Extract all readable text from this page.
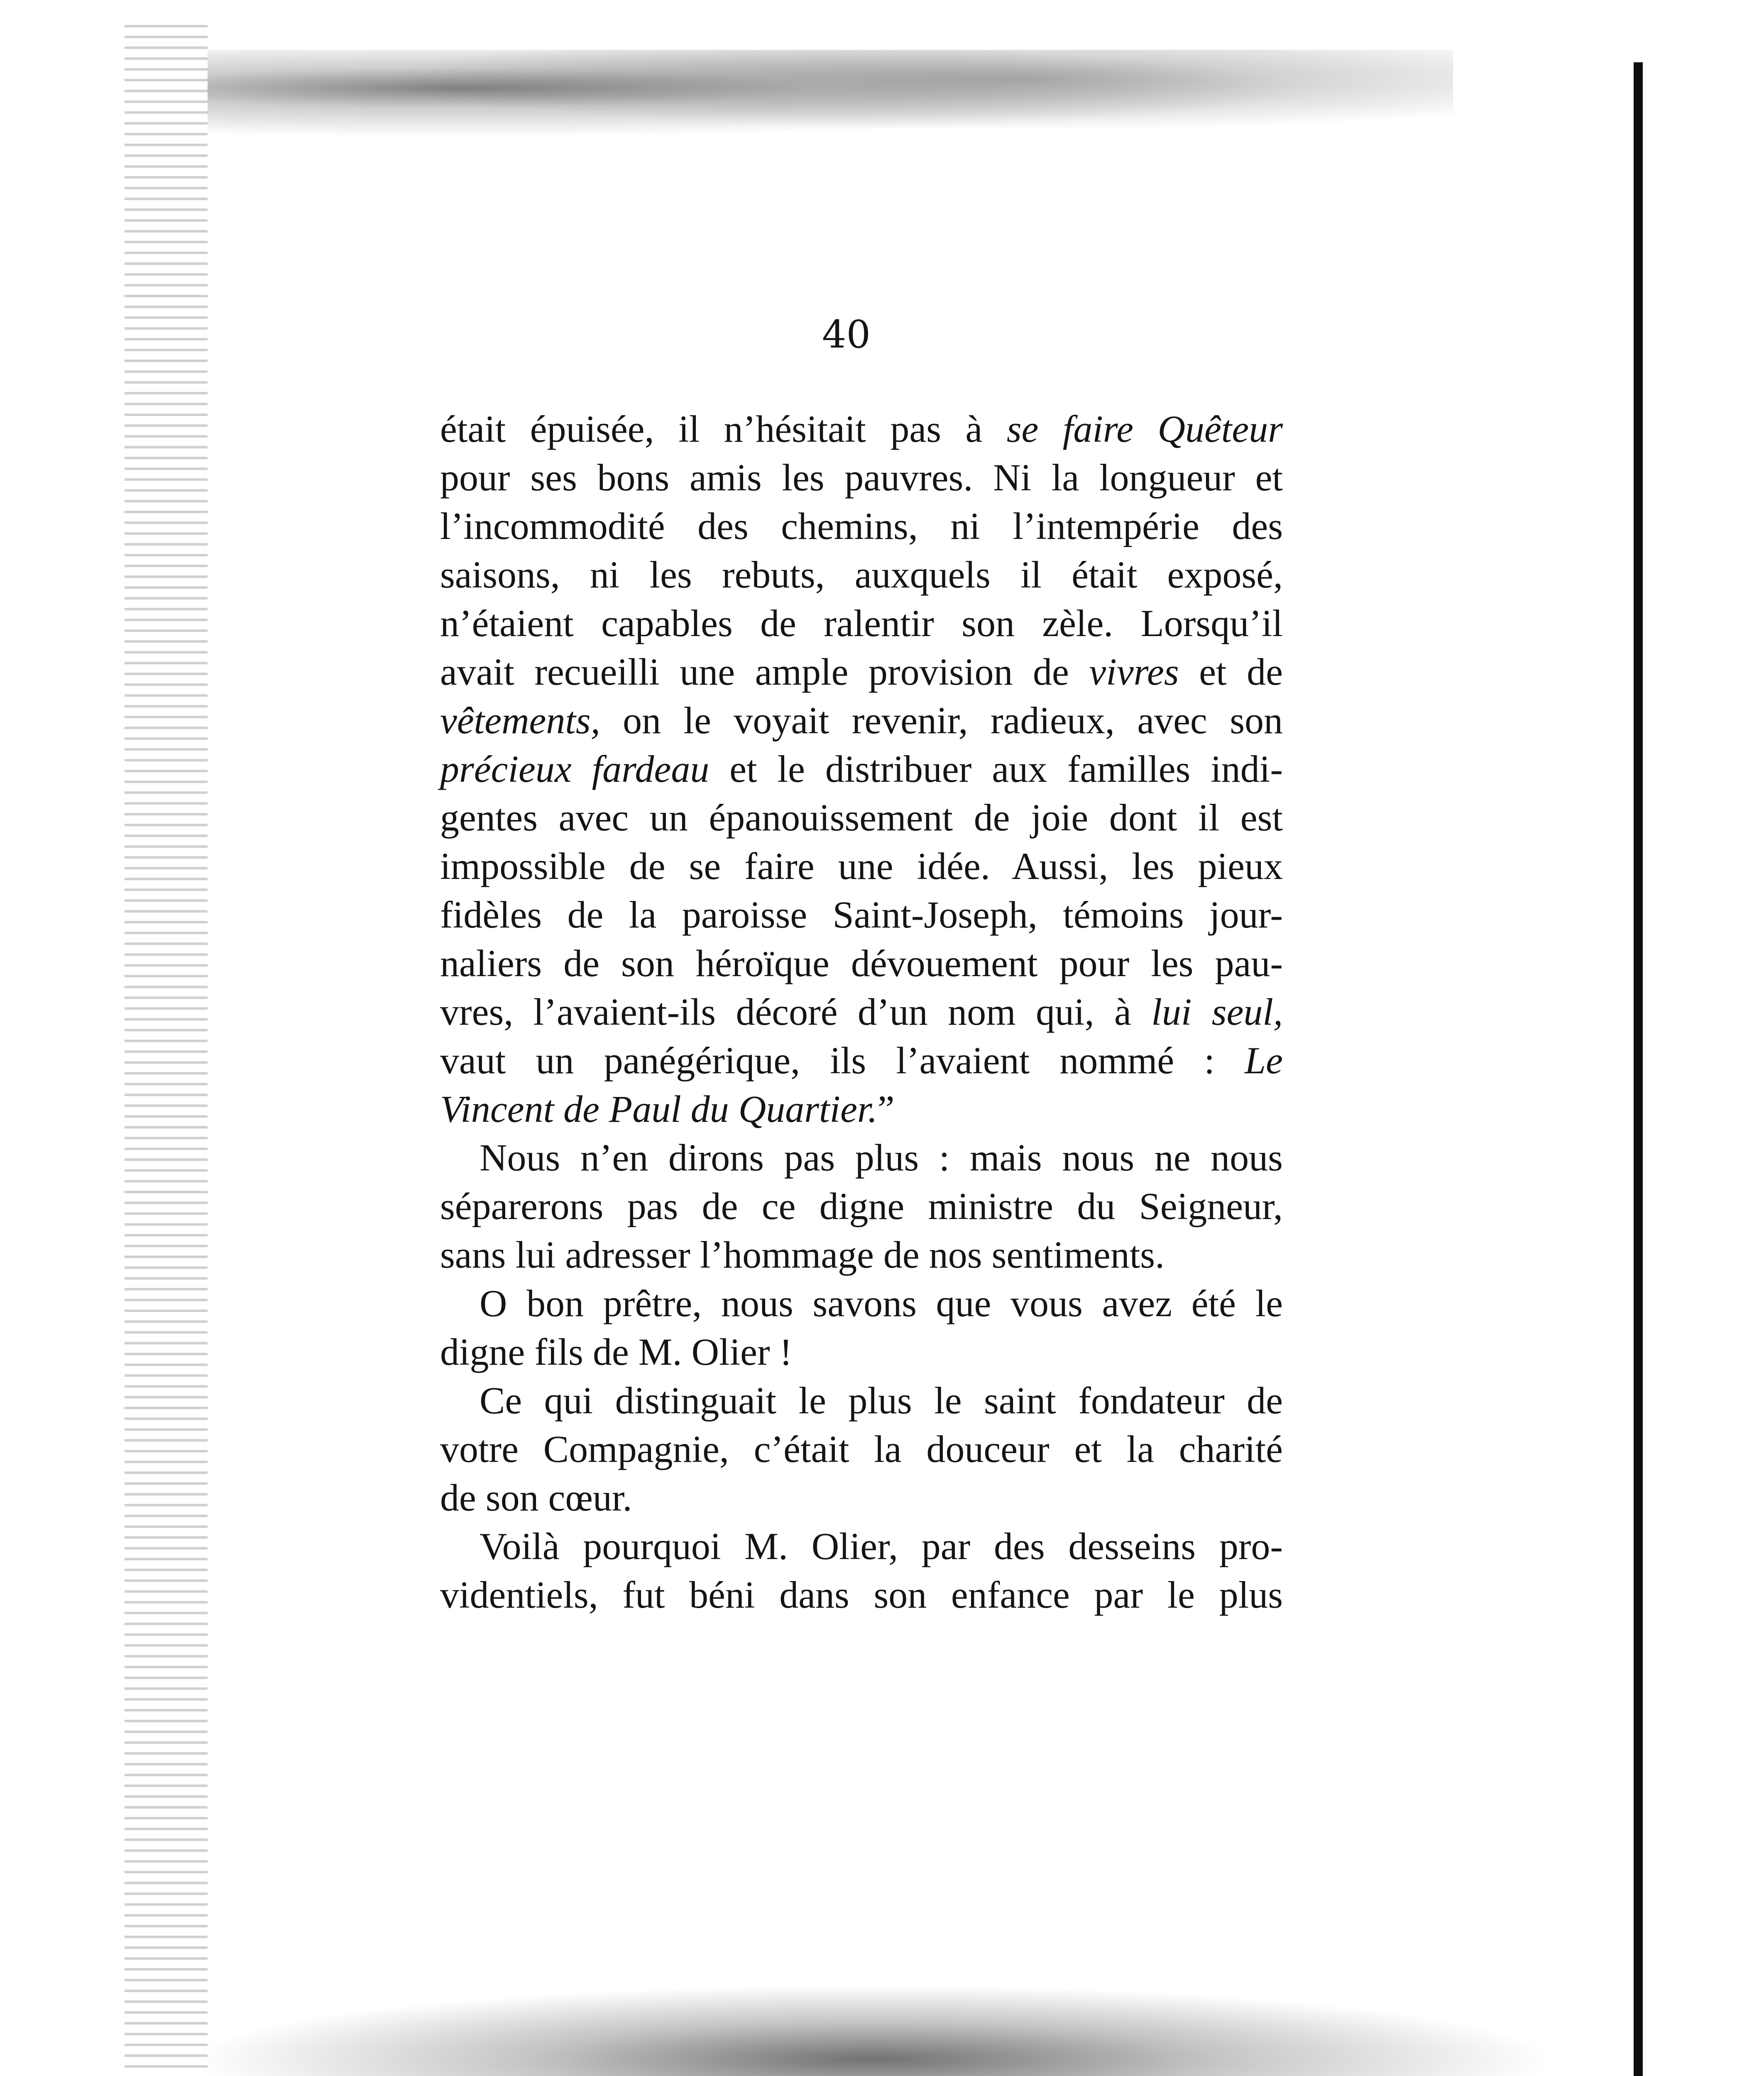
40
était épuisée, il n’hésitait pas à se faire Quêteur
pour ses bons amis les pauvres. Ni la longueur et
l’incommodité des chemins, ni l’intempérie des
saisons, ni les rebuts, auxquels il était exposé,
n’étaient capables de ralentir son zèle. Lorsqu’il
avait recueilli une ample provision de vivres et de
vêtements, on le voyait revenir, radieux, avec son
précieux fardeau et le distribuer aux familles indi-
gentes avec un épanouissement de joie dont il est
impossible de se faire une idée. Aussi, les pieux
fidèles de la paroisse Saint-Joseph, témoins jour-
naliers de son héroïque dévouement pour les pau-
vres, l’avaient-ils décoré d’un nom qui, à lui seul,
vaut un panégérique, ils l’avaient nommé : Le
Vincent de Paul du Quartier.”
Nous n’en dirons pas plus : mais nous ne nous
séparerons pas de ce digne ministre du Seigneur,
sans lui adresser l’hommage de nos sentiments.
O bon prêtre, nous savons que vous avez été le
digne fils de M. Olier !
Ce qui distinguait le plus le saint fondateur de
votre Compagnie, c’était la douceur et la charité
de son cœur.
Voilà pourquoi M. Olier, par des desseins pro-
videntiels, fut béni dans son enfance par le plus
